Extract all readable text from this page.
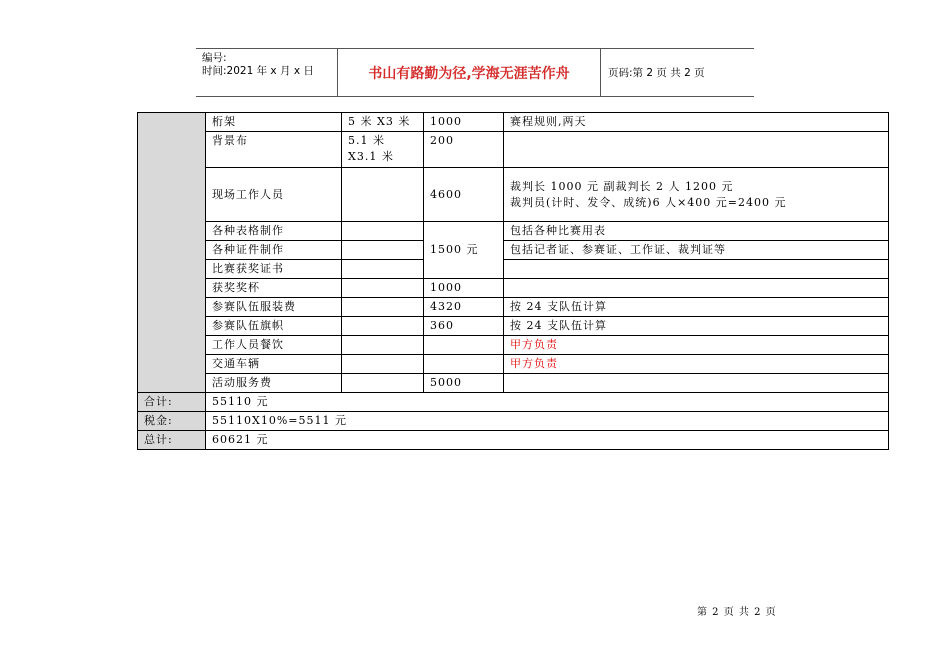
编号:
时间:2021 年 x 月 x 日	书山有路勤为径,学海无涯苦作舟	页码:第 2 页 共 2 页
	桁架	5 米 X3 米	1000	赛程规则,两天
	背景布	5.1 米 X3.1 米	200	
	现场工作人员		4600	裁判长 1000 元 副裁判长 2 人 1200 元
裁判员(计时、发令、成统)6 人×400 元=2400 元

	各种表格制作		1500 元	包括各种比赛用表
	各种证件制作			包括记者证、参赛证、工作证、裁判证等
	比赛获奖证书			
	获奖奖杯		1000	
	参赛队伍服装费		4320	按 24 支队伍计算
	参赛队伍旗帜		360	按 24 支队伍计算
	工作人员餐饮			甲方负责
	交通车辆			甲方负责
	活动服务费		5000	
合计:	55110 元			
税金:	55110X10%=5511 元			
总计:	60621 元			
第 2 页 共 2 页
